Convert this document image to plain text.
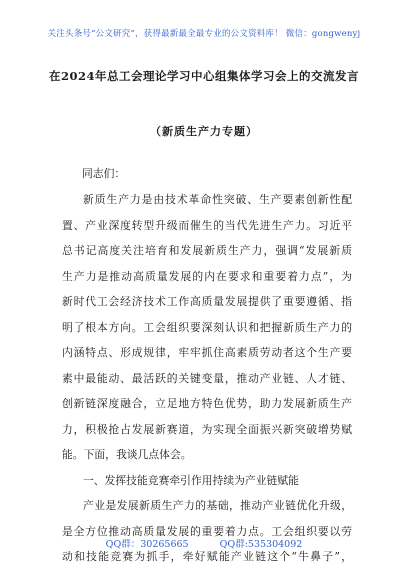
关注头条号“公文研究”，获得最新最全最专业的公文资料库！ 微信：gongwenyj
在2024年总工会理论学习中心组集体学习会上的交流发言
（新质生产力专题）
同志们：
新质生产力是由技术革命性突破、生产要素创新性配
置、产业深度转型升级而催生的当代先进生产力。习近平
总书记高度关注培育和发展新质生产力，强调“发展新质
生产力是推动高质量发展的内在要求和重要着力点”，为
新时代工会经济技术工作高质量发展提供了重要遵循、指
明了根本方向。工会组织要深刻认识和把握新质生产力的
内涵特点、形成规律，牢牢抓住高素质劳动者这个生产要
素中最能动、最活跃的关键变量，推动产业链、人才链、
创新链深度融合，立足地方特色优势，助力发展新质生产
力，积极抢占发展新赛道，为实现全面振兴新突破增势赋
能。下面，我谈几点体会。
一、发挥技能竞赛牵引作用持续为产业链赋能
产业是发展新质生产力的基础，推动产业链优化升级，
是全方位推动高质量发展的重要着力点。工会组织要以劳
动和技能竞赛为抓手，牵好赋能产业链这个“牛鼻子”，
QQ群：30265665	QQ群:535304092
